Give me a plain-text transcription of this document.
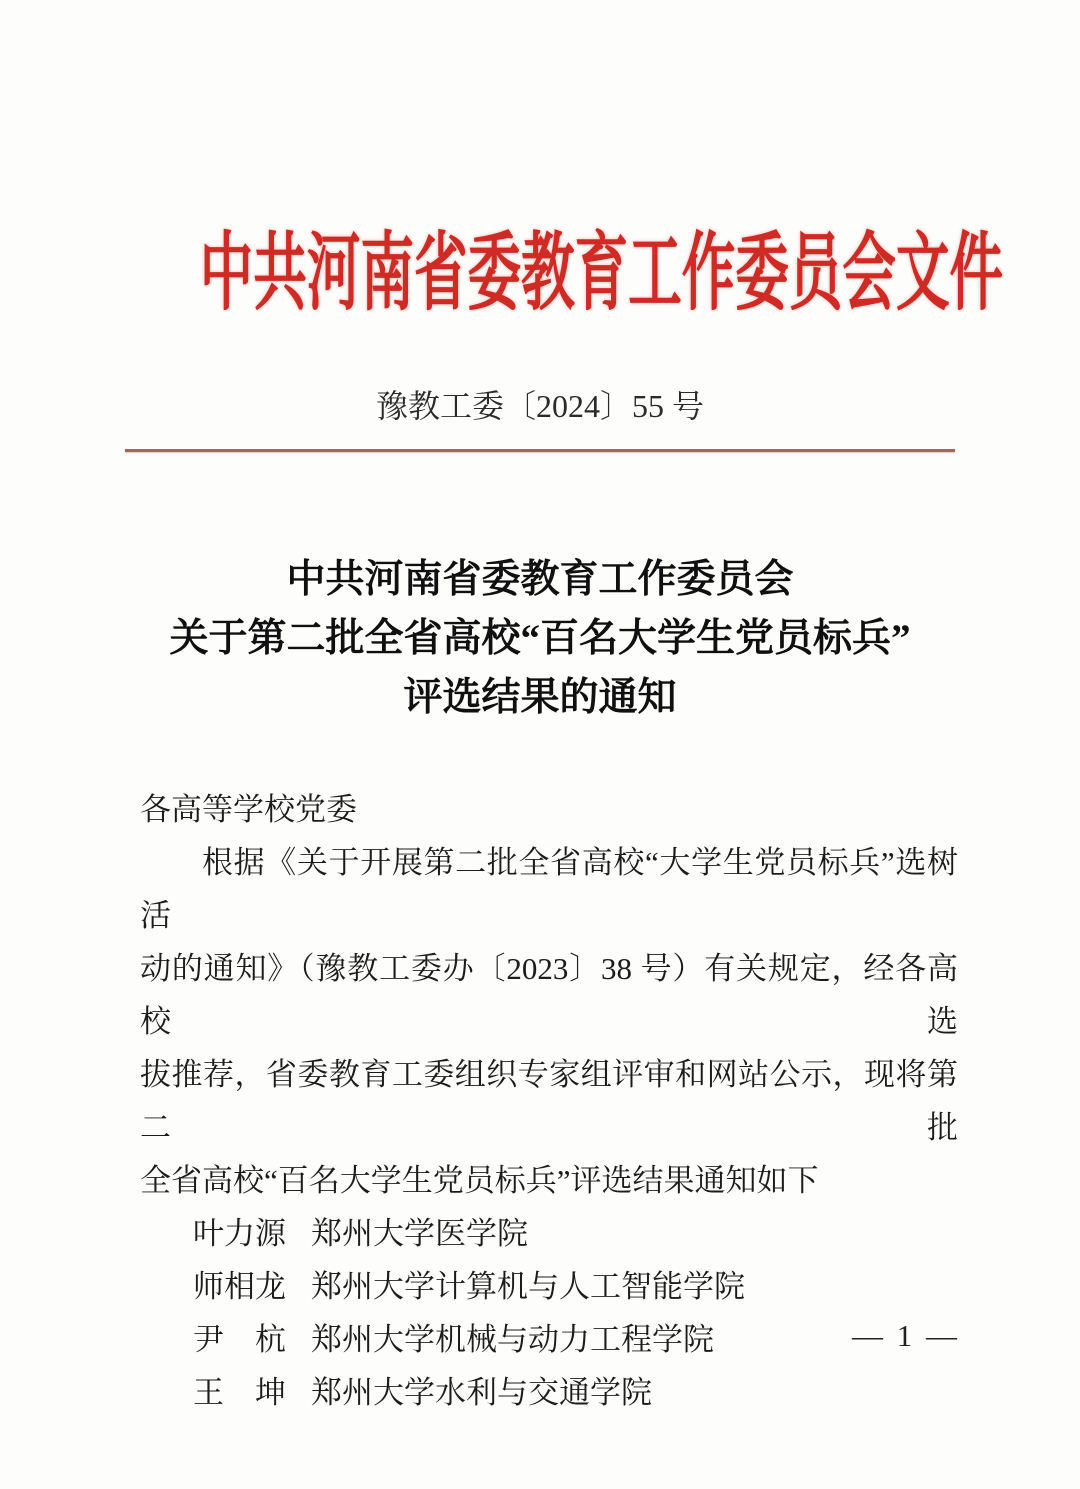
中共河南省委教育工作委员会文件
豫教工委〔2024〕55 号
中共河南省委教育工作委员会
关于第二批全省高校“百名大学生党员标兵”
评选结果的通知
各高等学校党委
根据《关于开展第二批全省高校“大学生党员标兵”选树活
动的通知》（豫教工委办〔2023〕38 号）有关规定，经各高校选
拔推荐，省委教育工委组织专家组评审和网站公示，现将第二批
全省高校“百名大学生党员标兵”评选结果通知如下
叶力源 郑州大学医学院
师相龙 郑州大学计算机与人工智能学院
尹　杭 郑州大学机械与动力工程学院
王　坤 郑州大学水利与交通学院
— 1 —
